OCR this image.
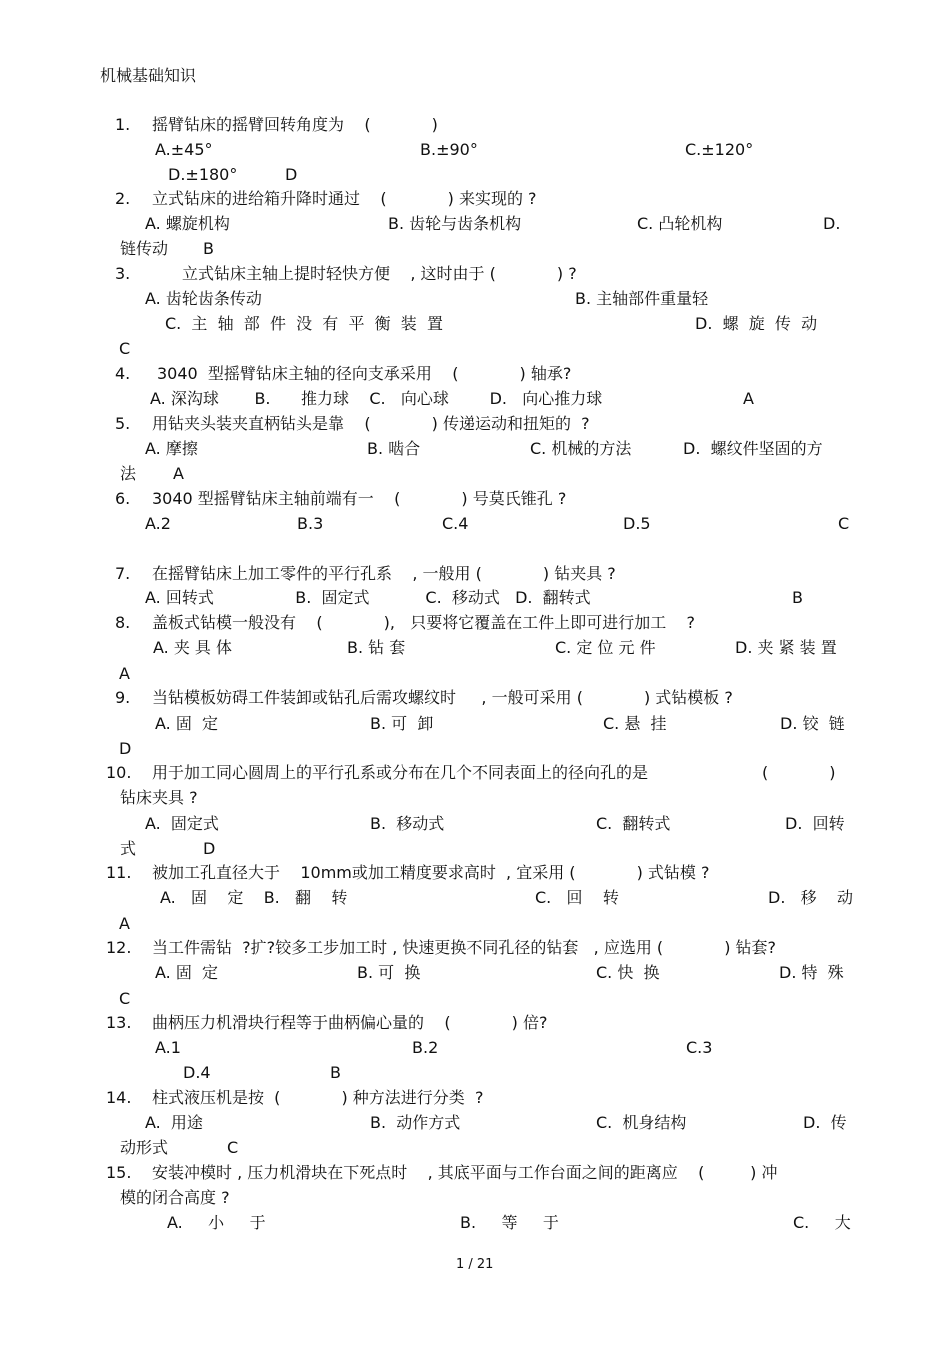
机械基础知识
1. 摇臂钻床的摇臂回转角度为    (            )
A.±45°	B.±90°	C.±120°
D.±180°	D
2. 立式钻床的进给箱升降时通过    (            ) 来实现的 ?
A. 螺旋机构	B. 齿轮与齿条机构	C. 凸轮机构	D.
链传动 B
3.	立式钻床主轴上提时轻快方便    , 这时由于 (            ) ?
A. 齿轮齿条传动	B. 主轴部件重量轻
C.  主  轴  部  件  没  有  平  衡  装  置	D.  螺  旋  传  动
C
4. 3040  型摇臂钻床主轴的径向支承采用    (            ) 轴承?
A. 深沟球       B.      推力球    C.   向心球        D.   向心推力球	A
5. 用钻夹头装夹直柄钻头是靠    (            ) 传递运动和扭矩的  ?
A. 摩擦	B. 啮合	C. 机械的方法	D.  螺纹件坚固的方
法 A
6. 3040 型摇臂钻床主轴前端有一    (            ) 号莫氏锥孔 ?
A.2	B.3	C.4	D.5	C
7. 在摇臂钻床上加工零件的平行孔系    , 一般用 (            ) 钻夹具 ?
A. 回转式                B.  固定式           C.  移动式   D.  翻转式	B
8. 盖板式钻模一般没有    (            ),   只要将它覆盖在工件上即可进行加工    ?
A. 夹 具 体	B. 钻 套	C. 定 位 元 件	D. 夹 紧 装 置
A
9. 当钻模板妨碍工件装卸或钻孔后需攻螺纹时     , 一般可采用 (            ) 式钻模板 ?
A. 固  定	B. 可  卸	C. 悬  挂	D. 铰  链
D
10. 用于加工同心圆周上的平行孔系或分布在几个不同表面上的径向孔的是	(            )
钻床夹具 ?
A.  固定式	B.  移动式	C.  翻转式	D.  回转
式	D
11. 被加工孔直径大于    10mm或加工精度要求高时  , 宜采用 (            ) 式钻模 ?
A.   固    定    B.   翻    转	C.   回    转	D.   移    动
A
12. 当工件需钻  ?扩?铰多工步加工时 , 快速更换不同孔径的钻套   , 应选用 (            ) 钻套?
A. 固  定	B. 可  换	C. 快  换	D. 特  殊
C
13. 曲柄压力机滑块行程等于曲柄偏心量的    (            ) 倍?
A.1	B.2	C.3
D.4	B
14. 柱式液压机是按  (            ) 种方法进行分类  ?
A.  用途	B.  动作方式	C.  机身结构	D.  传
动形式	C
15. 安装冲模时 , 压力机滑块在下死点时    , 其底平面与工作台面之间的距离应    (         ) 冲
模的闭合高度 ?
A.     小     于	B.     等     于	C.     大
1 / 21
